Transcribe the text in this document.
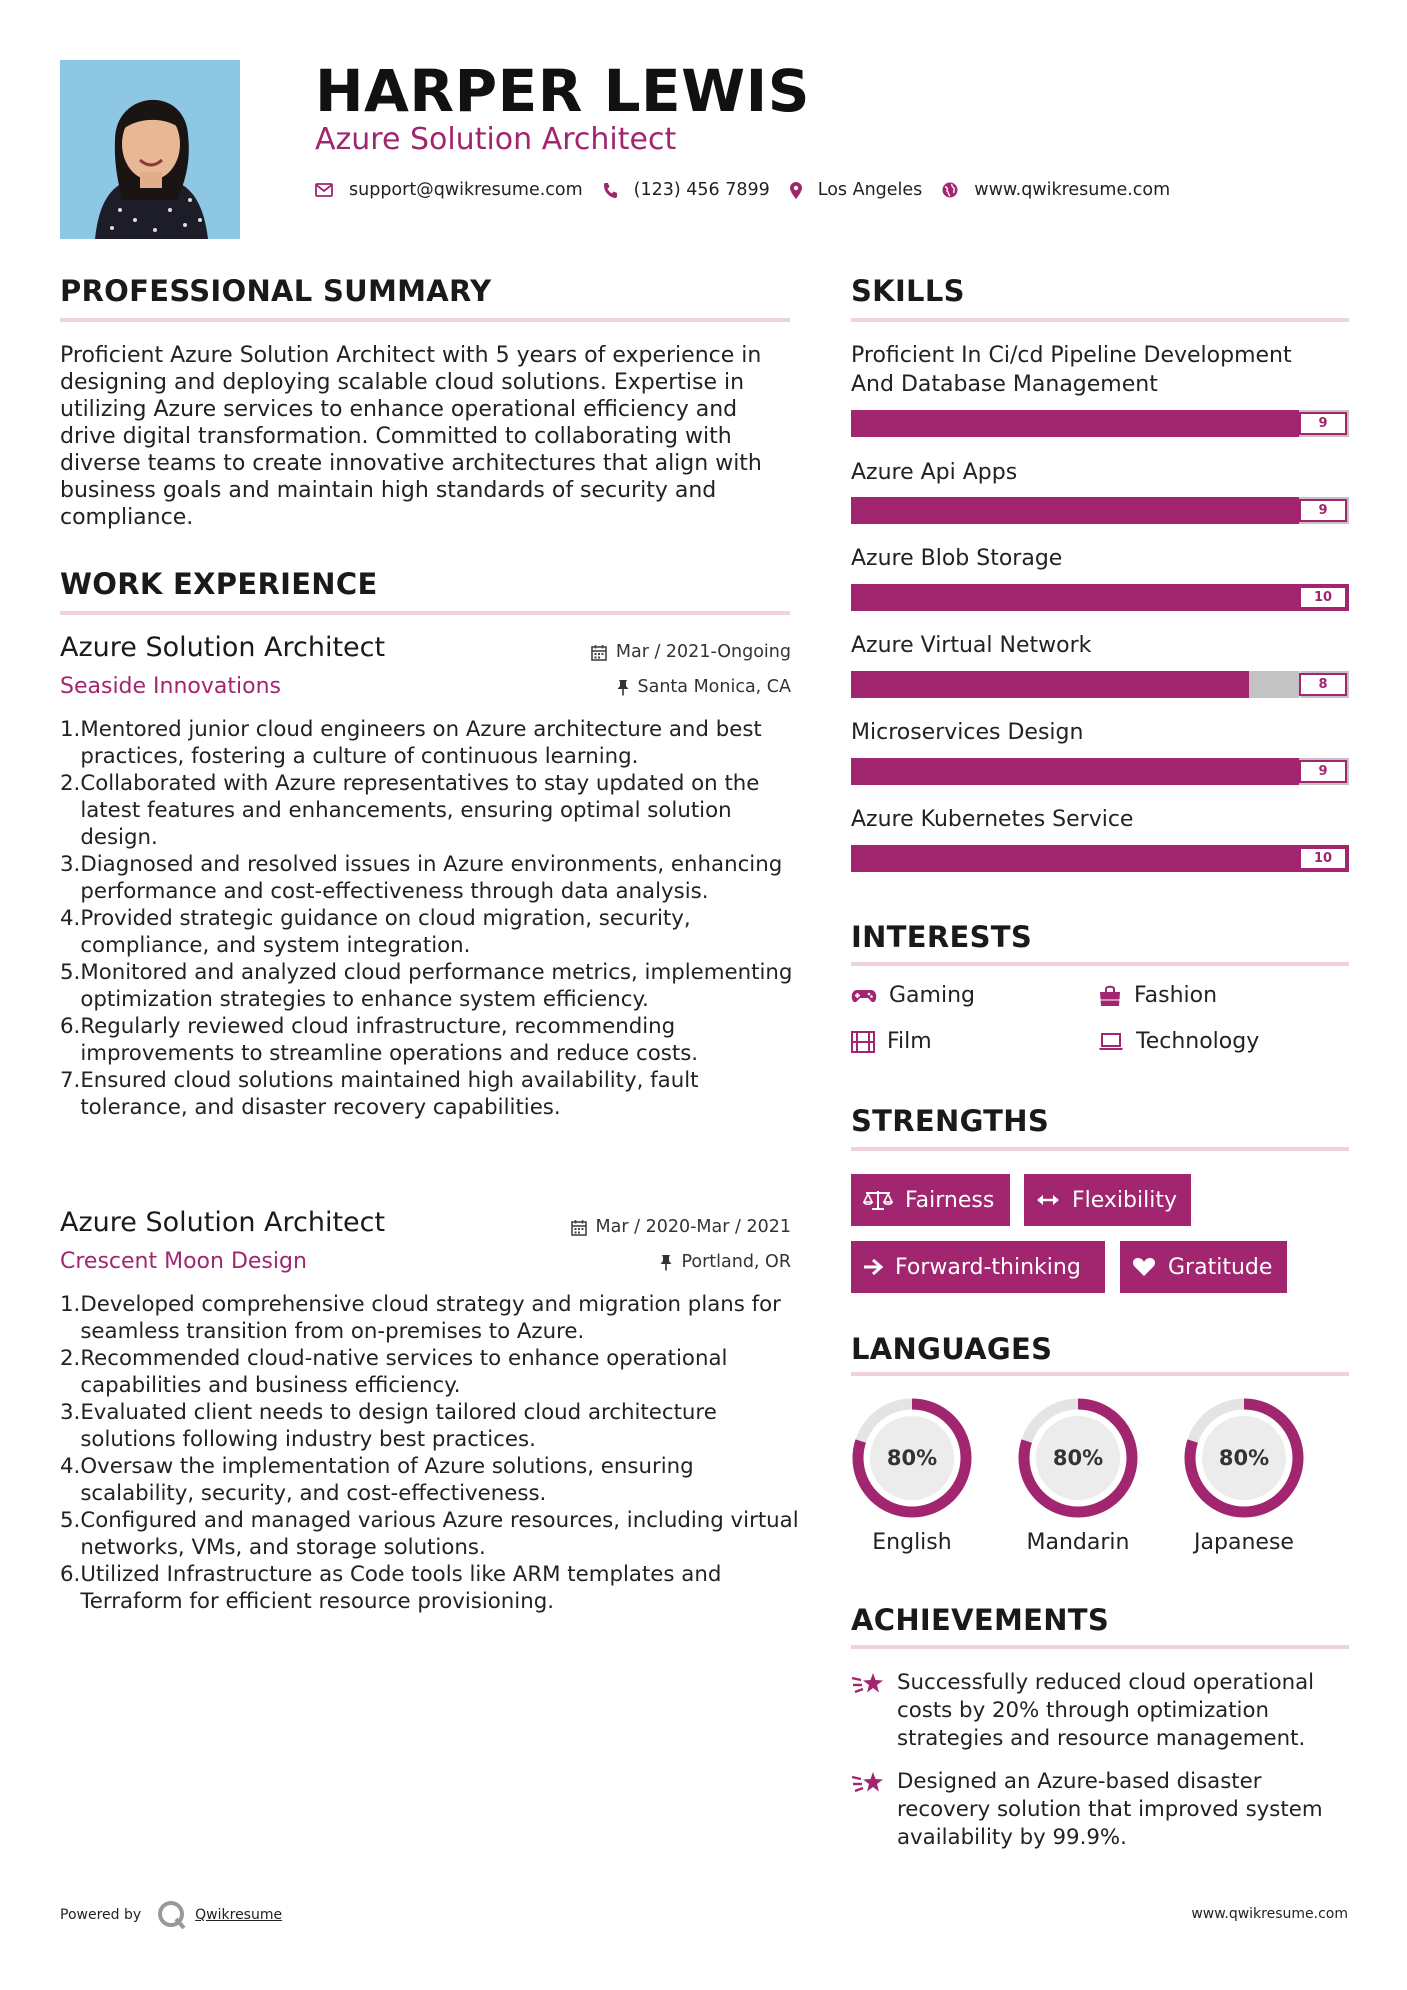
HARPER LEWIS
Azure Solution Architect
support@qwikresume.com	(123) 456 7899	Los Angeles	www.qwikresume.com
PROFESSIONAL SUMMARY
Proficient Azure Solution Architect with 5 years of experience in designing and deploying scalable cloud solutions. Expertise in utilizing Azure services to enhance operational efficiency and drive digital transformation. Committed to collaborating with diverse teams to create innovative architectures that align with business goals and maintain high standards of security and compliance.
WORK EXPERIENCE
Azure Solution Architect	Mar / 2021-Ongoing
Seaside Innovations	Santa Monica, CA
1. Mentored junior cloud engineers on Azure architecture and best practices, fostering a culture of continuous learning.
2. Collaborated with Azure representatives to stay updated on the latest features and enhancements, ensuring optimal solution design.
3. Diagnosed and resolved issues in Azure environments, enhancing performance and cost-effectiveness through data analysis.
4. Provided strategic guidance on cloud migration, security, compliance, and system integration.
5. Monitored and analyzed cloud performance metrics, implementing optimization strategies to enhance system efficiency.
6. Regularly reviewed cloud infrastructure, recommending improvements to streamline operations and reduce costs.
7. Ensured cloud solutions maintained high availability, fault tolerance, and disaster recovery capabilities.
Azure Solution Architect	Mar / 2020-Mar / 2021
Crescent Moon Design	Portland, OR
1. Developed comprehensive cloud strategy and migration plans for seamless transition from on-premises to Azure.
2. Recommended cloud-native services to enhance operational capabilities and business efficiency.
3. Evaluated client needs to design tailored cloud architecture solutions following industry best practices.
4. Oversaw the implementation of Azure solutions, ensuring scalability, security, and cost-effectiveness.
5. Configured and managed various Azure resources, including virtual networks, VMs, and storage solutions.
6. Utilized Infrastructure as Code tools like ARM templates and Terraform for efficient resource provisioning.
SKILLS
Proficient In Ci/cd Pipeline Development And Database Management
9
Azure Api Apps
9
Azure Blob Storage
10
Azure Virtual Network
8
Microservices Design
9
Azure Kubernetes Service
10
INTERESTS
Gaming	Fashion
Film	Technology
STRENGTHS
Fairness	Flexibility
Forward-thinking	Gratitude
LANGUAGES
80%	80%	80%
English	Mandarin	Japanese
ACHIEVEMENTS
Successfully reduced cloud operational costs by 20% through optimization strategies and resource management.
Designed an Azure-based disaster recovery solution that improved system availability by 99.9%.
Powered by	Qwikresume	www.qwikresume.com
